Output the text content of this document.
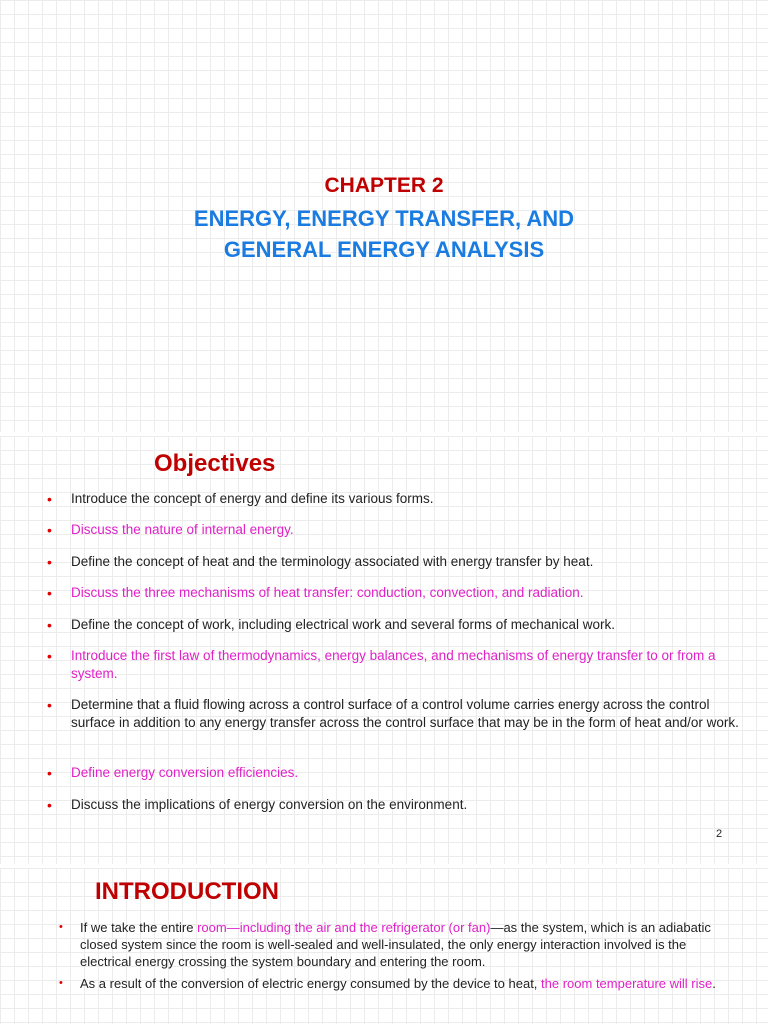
CHAPTER 2
ENERGY, ENERGY TRANSFER, AND
GENERAL ENERGY ANALYSIS
Objectives
• Introduce the concept of energy and define its various forms.
• Discuss the nature of internal energy.
• Define the concept of heat and the terminology associated with energy transfer by heat.
• Discuss the three mechanisms of heat transfer: conduction, convection, and radiation.
• Define the concept of work, including electrical work and several forms of mechanical work.
• Introduce the first law of thermodynamics, energy balances, and mechanisms of energy transfer to or from a system.
• Determine that a fluid flowing across a control surface of a control volume carries energy across the control surface in addition to any energy transfer across the control surface that may be in the form of heat and/or work.
• Define energy conversion efficiencies.
• Discuss the implications of energy conversion on the environment.
2
INTRODUCTION
• If we take the entire room—including the air and the refrigerator (or fan)—as the system, which is an adiabatic closed system since the room is well-sealed and well-insulated, the only energy interaction involved is the electrical energy crossing the system boundary and entering the room.
• As a result of the conversion of electric energy consumed by the device to heat, the room temperature will rise.
